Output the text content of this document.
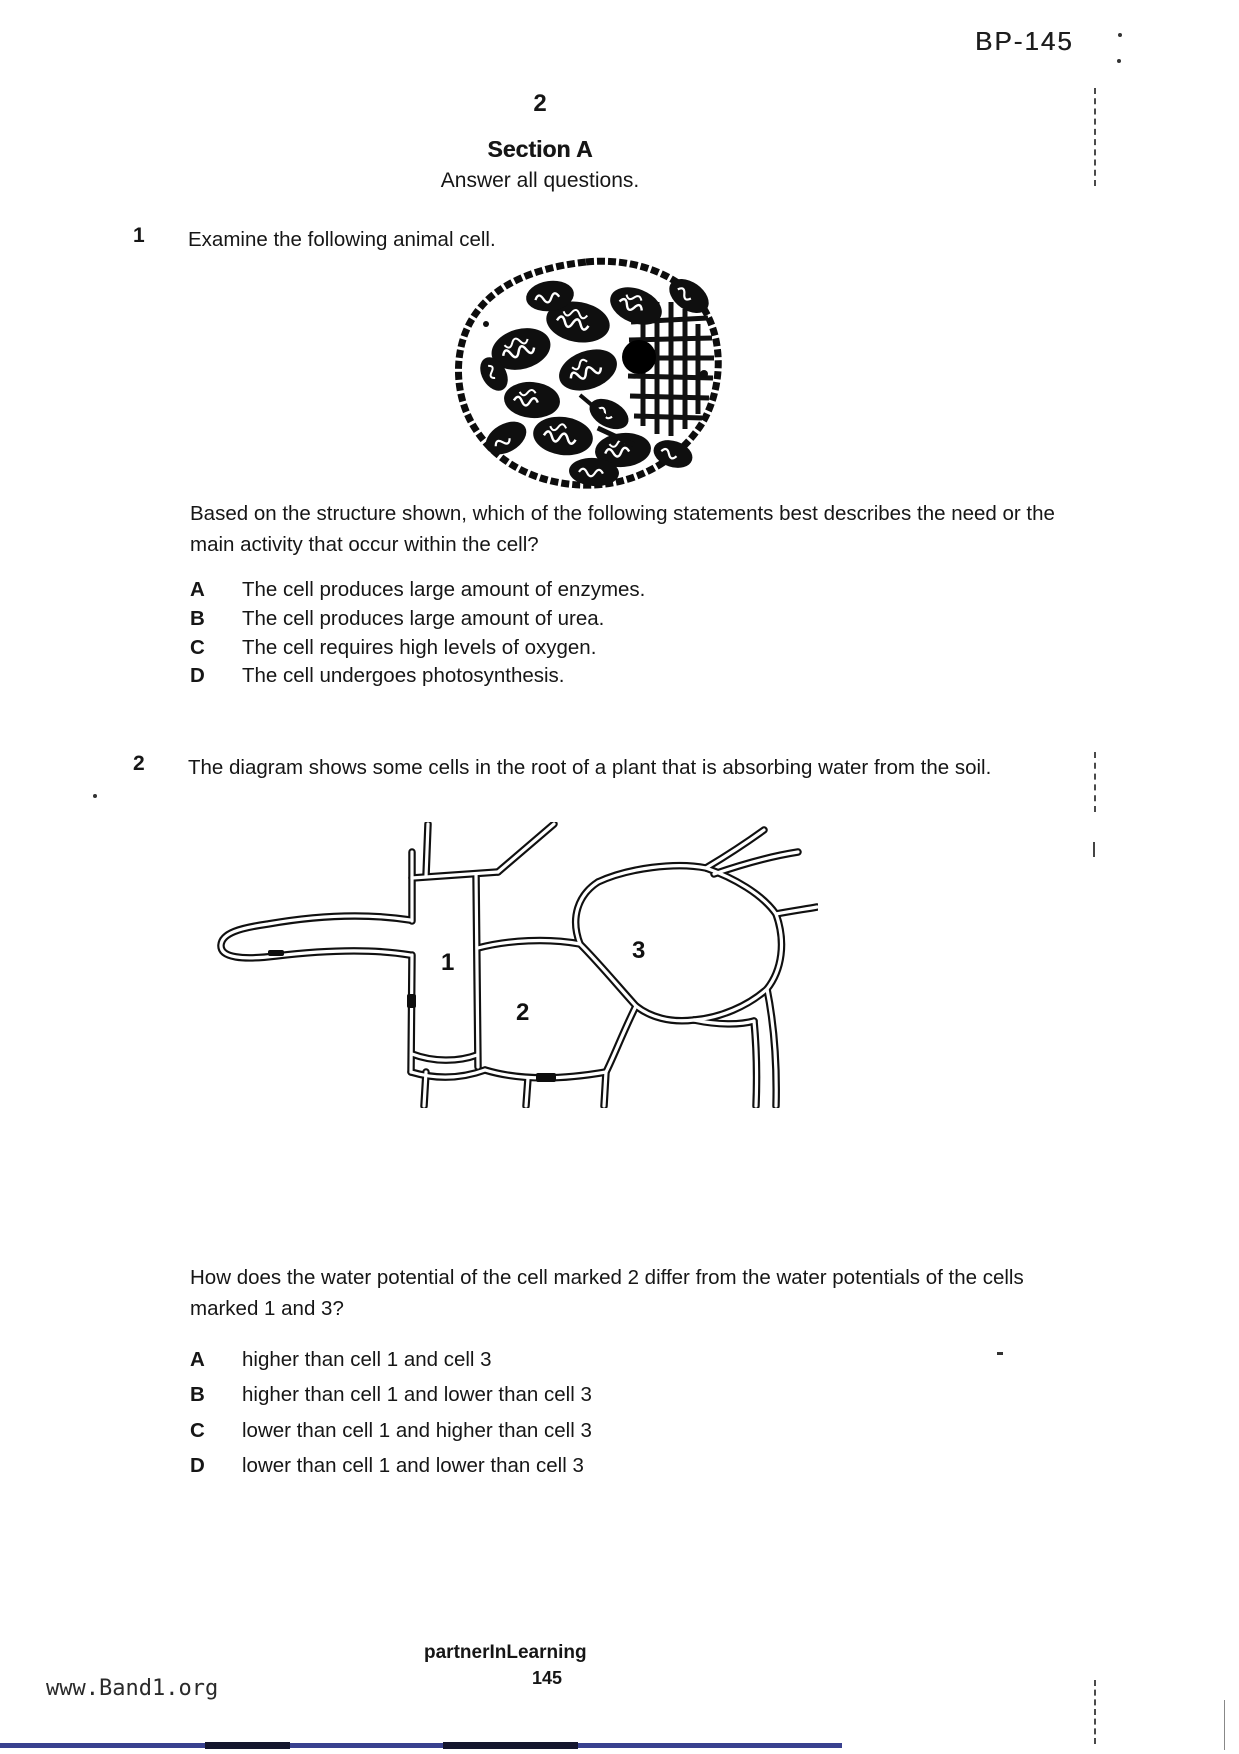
BP-145
2
Section A
Answer all questions.
1 Examine the following animal cell.
Based on the structure shown, which of the following statements best describes the need or the main activity that occur within the cell?
A	The cell produces large amount of enzymes.
B	The cell produces large amount of urea.
C	The cell requires high levels of oxygen.
D	The cell undergoes photosynthesis.
2 The diagram shows some cells in the root of a plant that is absorbing water from the soil.
1
2
3
How does the water potential of the cell marked 2 differ from the water potentials of the cells marked 1 and 3?
A	higher than cell 1 and cell 3
B	higher than cell 1 and lower than cell 3
C	lower than cell 1 and higher than cell 3
D	lower than cell 1 and lower than cell 3
partnerInLearning
145
www.Band1.org
